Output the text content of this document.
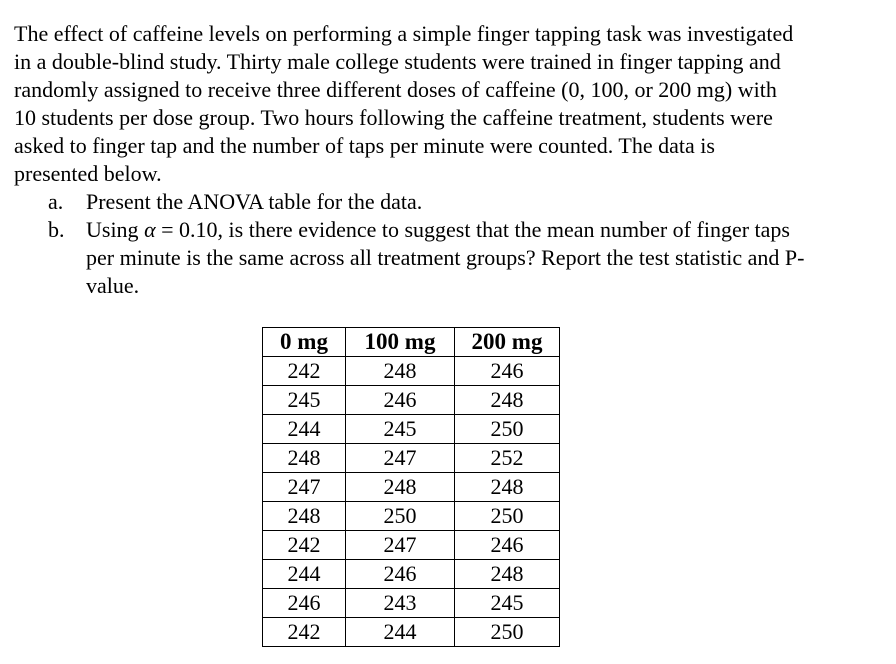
The effect of caffeine levels on performing a simple finger tapping task was investigated
in a double-blind study. Thirty male college students were trained in finger tapping and
randomly assigned to receive three different doses of caffeine (0, 100, or 200 mg) with
10 students per dose group. Two hours following the caffeine treatment, students were
asked to finger tap and the number of taps per minute were counted. The data is
presented below.
a.	Present the ANOVA table for the data.
b. Using α = 0.10, is there evidence to suggest that the mean number of finger taps
per minute is the same across all treatment groups? Report the test statistic and P-
value.
0 mg	100 mg	200 mg
242	248	246
245	246	248
244	245	250
248	247	252
247	248	248
248	250	250
242	247	246
244	246	248
246	243	245
242	244	250
